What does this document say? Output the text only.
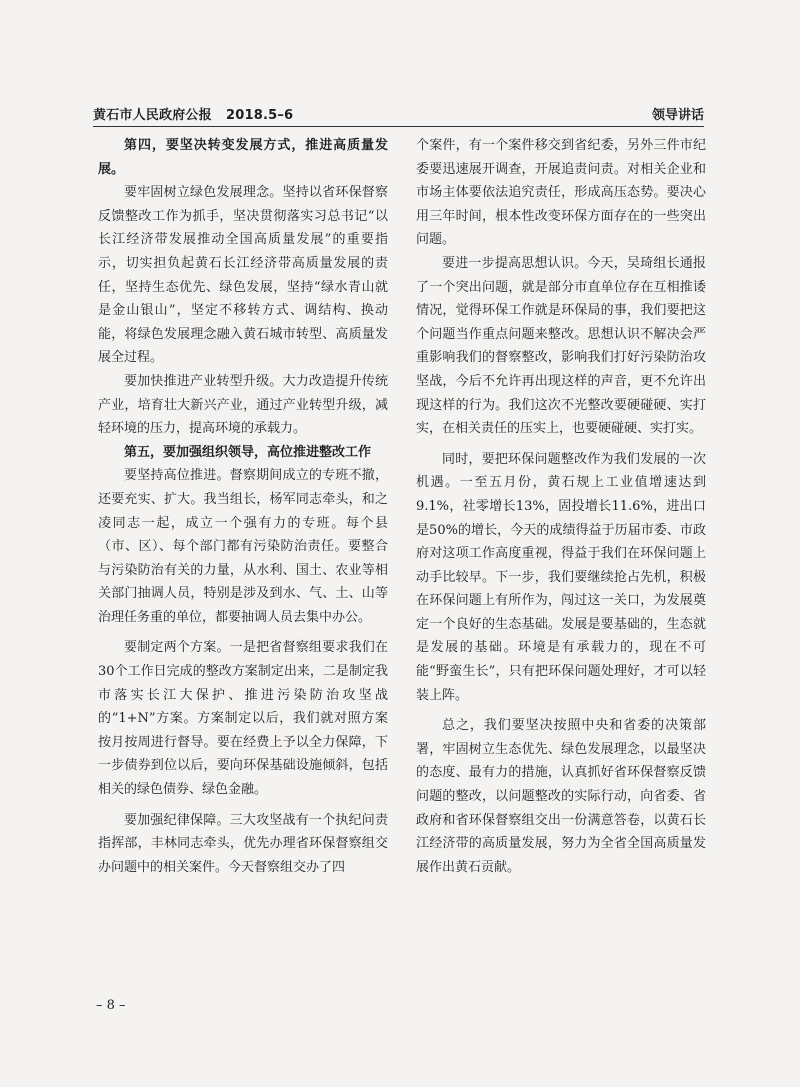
黄石市人民政府公报   2018.5–6	领导讲话
第四，要坚决转变发展方式，推进高质量发展。

要牢固树立绿色发展理念。坚持以省环保督察反馈整改工作为抓手，坚决贯彻落实习总书记“以长江经济带发展推动全国高质量发展”的重要指示，切实担负起黄石长江经济带高质量发展的责任，坚持生态优先、绿色发展，坚持“绿水青山就是金山银山”，坚定不移转方式、调结构、换动能，将绿色发展理念融入黄石城市转型、高质量发展全过程。

要加快推进产业转型升级。大力改造提升传统产业，培育壮大新兴产业，通过产业转型升级，减轻环境的压力，提高环境的承载力。

第五，要加强组织领导，高位推进整改工作

要坚持高位推进。督察期间成立的专班不撤，还要充实、扩大。我当组长，杨军同志牵头，和之凌同志一起，成立一个强有力的专班。每个县（市、区）、每个部门都有污染防治责任。要整合与污染防治有关的力量，从水利、国土、农业等相关部门抽调人员，特别是涉及到水、气、土、山等治理任务重的单位，都要抽调人员去集中办公。

要制定两个方案。一是把省督察组要求我们在30个工作日完成的整改方案制定出来，二是制定我市落实长江大保护、推进污染防治攻坚战的“1+N”方案。方案制定以后，我们就对照方案按月按周进行督导。要在经费上予以全力保障，下一步债券到位以后，要向环保基础设施倾斜，包括相关的绿色债券、绿色金融。

要加强纪律保障。三大攻坚战有一个执纪问责指挥部，丰林同志牵头，优先办理省环保督察组交办问题中的相关案件。今天督察组交办了四

个案件，有一个案件移交到省纪委，另外三件市纪委要迅速展开调查，开展追责问责。对相关企业和市场主体要依法追究责任，形成高压态势。要决心用三年时间，根本性改变环保方面存在的一些突出问题。

要进一步提高思想认识。今天，吴琦组长通报了一个突出问题，就是部分市直单位存在互相推诿情况，觉得环保工作就是环保局的事，我们要把这个问题当作重点问题来整改。思想认识不解决会严重影响我们的督察整改，影响我们打好污染防治攻坚战，今后不允许再出现这样的声音，更不允许出现这样的行为。我们这次不光整改要硬碰硬、实打实，在相关责任的压实上，也要硬碰硬、实打实。

同时，要把环保问题整改作为我们发展的一次机遇。一至五月份，黄石规上工业值增速达到9.1%，社零增长13%，固投增长11.6%，进出口是50%的增长，今天的成绩得益于历届市委、市政府对这项工作高度重视，得益于我们在环保问题上动手比较早。下一步，我们要继续抢占先机，积极在环保问题上有所作为，闯过这一关口，为发展奠定一个良好的生态基础。发展是要基础的，生态就是发展的基础。环境是有承载力的，现在不可能“野蛮生长”，只有把环保问题处理好，才可以轻装上阵。

总之，我们要坚决按照中央和省委的决策部署，牢固树立生态优先、绿色发展理念，以最坚决的态度、最有力的措施，认真抓好省环保督察反馈问题的整改，以问题整改的实际行动，向省委、省政府和省环保督察组交出一份满意答卷，以黄石长江经济带的高质量发展，努力为全省全国高质量发展作出黄石贡献。

– 8 –
